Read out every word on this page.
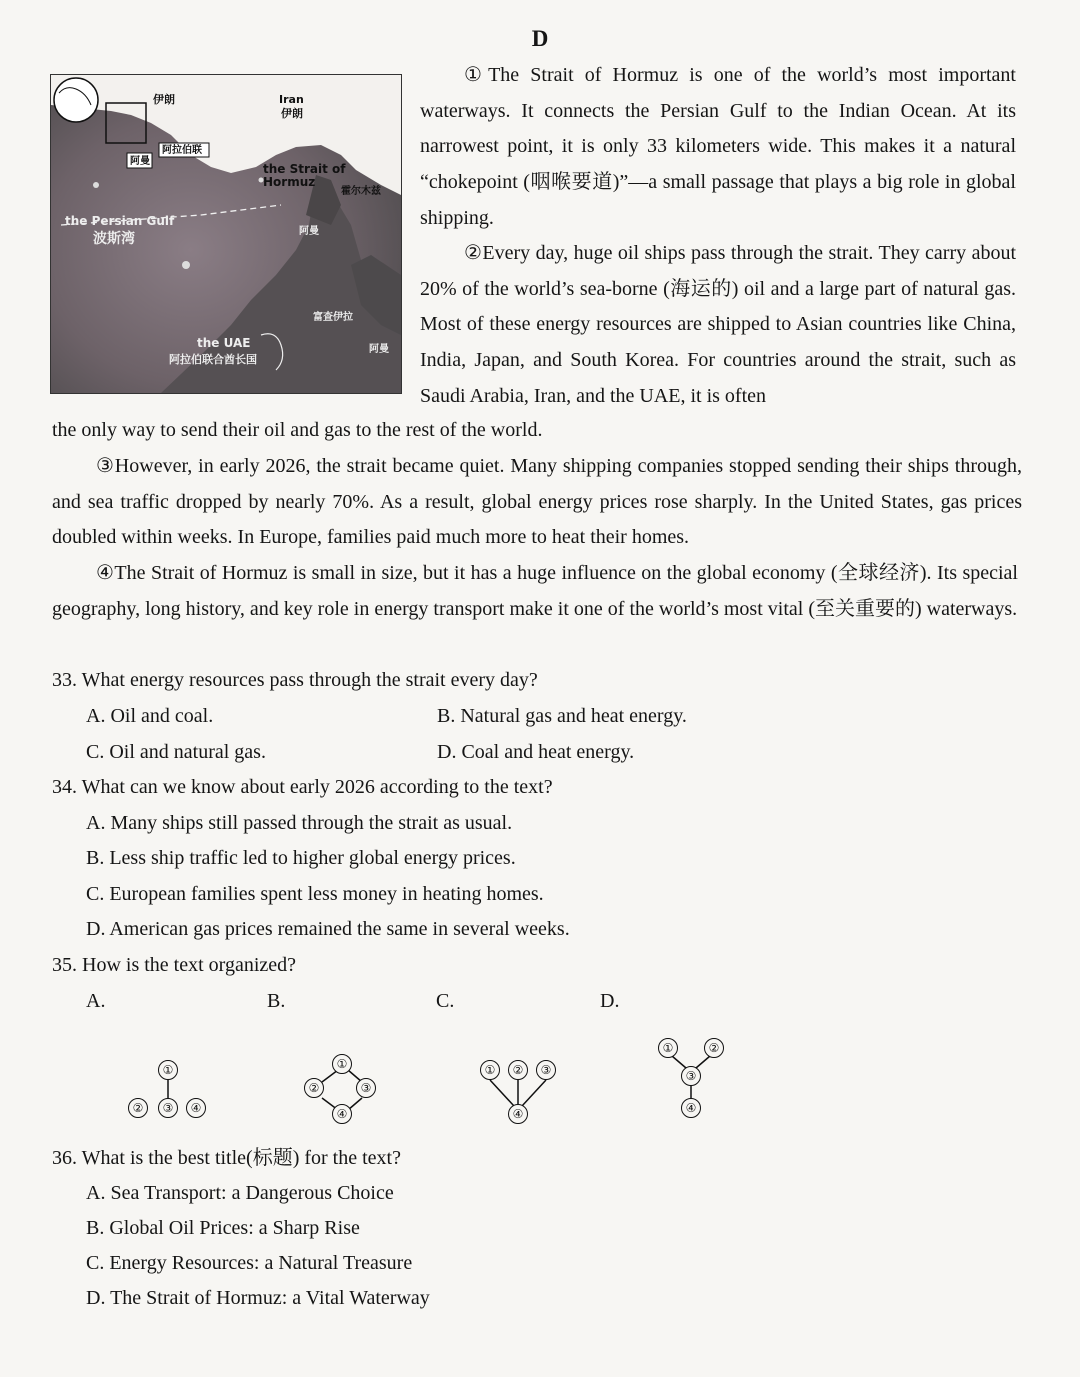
D
Iran
伊朗
伊朗
阿曼
阿拉伯联
the Strait of Hormuz
霍尔木兹
the Persian Gulf
波斯湾	阿曼
富查伊拉
阿曼
the UAE
阿拉伯联合酋长国

①The Strait of Hormuz is one of the world’s most important waterways. It connects the Persian Gulf to the Indian Ocean. At its narrowest point, it is only 33 kilometers wide. This makes it a natural “chokepoint (咽喉要道)”—a small passage that plays a big role in global shipping.

②Every day, huge oil ships pass through the strait. They carry about 20% of the world’s sea-borne (海运的) oil and a large part of natural gas. Most of these energy resources are shipped to Asian countries like China, India, Japan, and South Korea. For countries around the strait, such as Saudi Arabia, Iran, and the UAE, it is often

the only way to send their oil and gas to the rest of the world.

③However, in early 2026, the strait became quiet. Many shipping companies stopped sending their ships through, and sea traffic dropped by nearly 70%. As a result, global energy prices rose sharply. In the United States, gas prices doubled within weeks. In Europe, families paid much more to heat their homes.

④The Strait of Hormuz is small in size, but it has a huge influence on the global economy (全球经济). Its special geography, long history, and key role in energy transport make it one of the world’s most vital (至关重要的) waterways.

33. What energy resources pass through the strait every day?

A. Oil and coal.	B. Natural gas and heat energy.

C. Oil and natural gas.	D. Coal and heat energy.

34. What can we know about early 2026 according to the text?

A. Many ships still passed through the strait as usual.

B. Less ship traffic led to higher global energy prices.

C. European families spent less money in heating homes.

D. American gas prices remained the same in several weeks.

35. How is the text organized?

A.	B.	C.	D.

①
②	③	④
①
②	③
④
①	②	③
④
①	②
③
④

36. What is the best title(标题) for the text?

A. Sea Transport: a Dangerous Choice

B. Global Oil Prices: a Sharp Rise

C. Energy Resources: a Natural Treasure

D. The Strait of Hormuz: a Vital Waterway
